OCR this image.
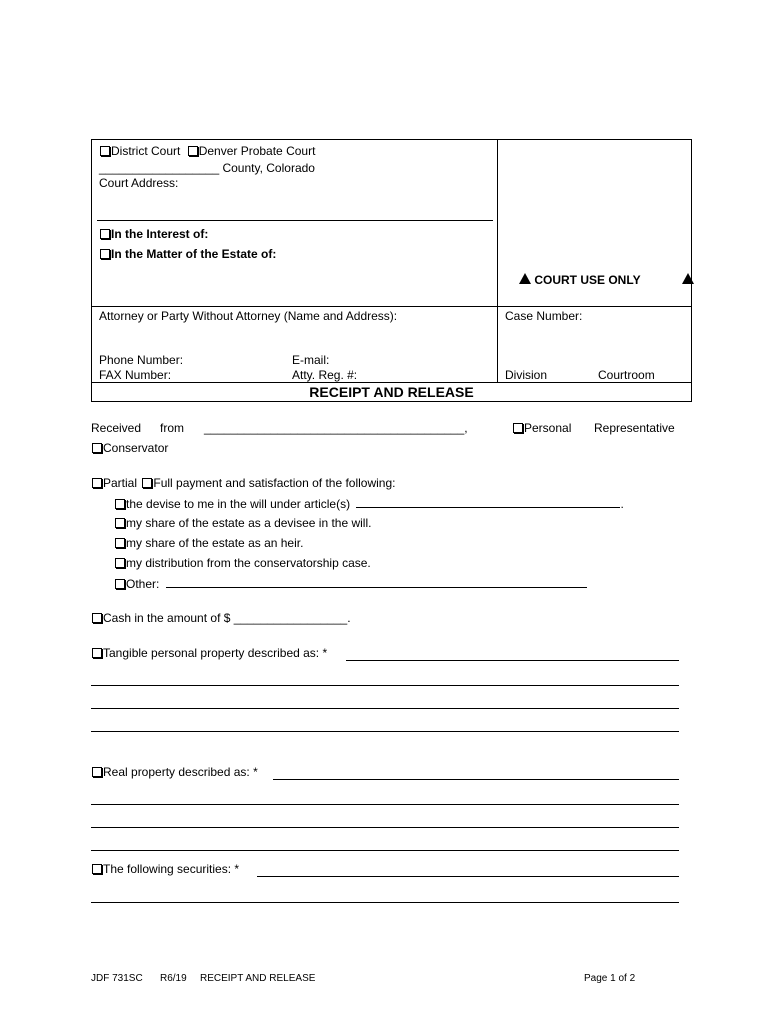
District Court Denver Probate Court
__________________ County, Colorado
Court Address:
In the Interest of:
In the Matter of the Estate of:
COURT USE ONLY
Attorney or Party Without Attorney (Name and Address):	Case Number:
Phone Number:	E-mail:
FAX Number:	Atty. Reg. #:	Division	Courtroom
RECEIPT AND RELEASE
Received from _______________________________________,	Personal Representative
Conservator
Partial Full payment and satisfaction of the following:
the devise to me in the will under article(s)	.
my share of the estate as a devisee in the will.
my share of the estate as an heir.
my distribution from the conservatorship case.
Other:
Cash in the amount of $ _________________.
Tangible personal property described as: *
Real property described as: *
The following securities: *
JDF 731SC R6/19 RECEIPT AND RELEASE	Page 1 of 2
